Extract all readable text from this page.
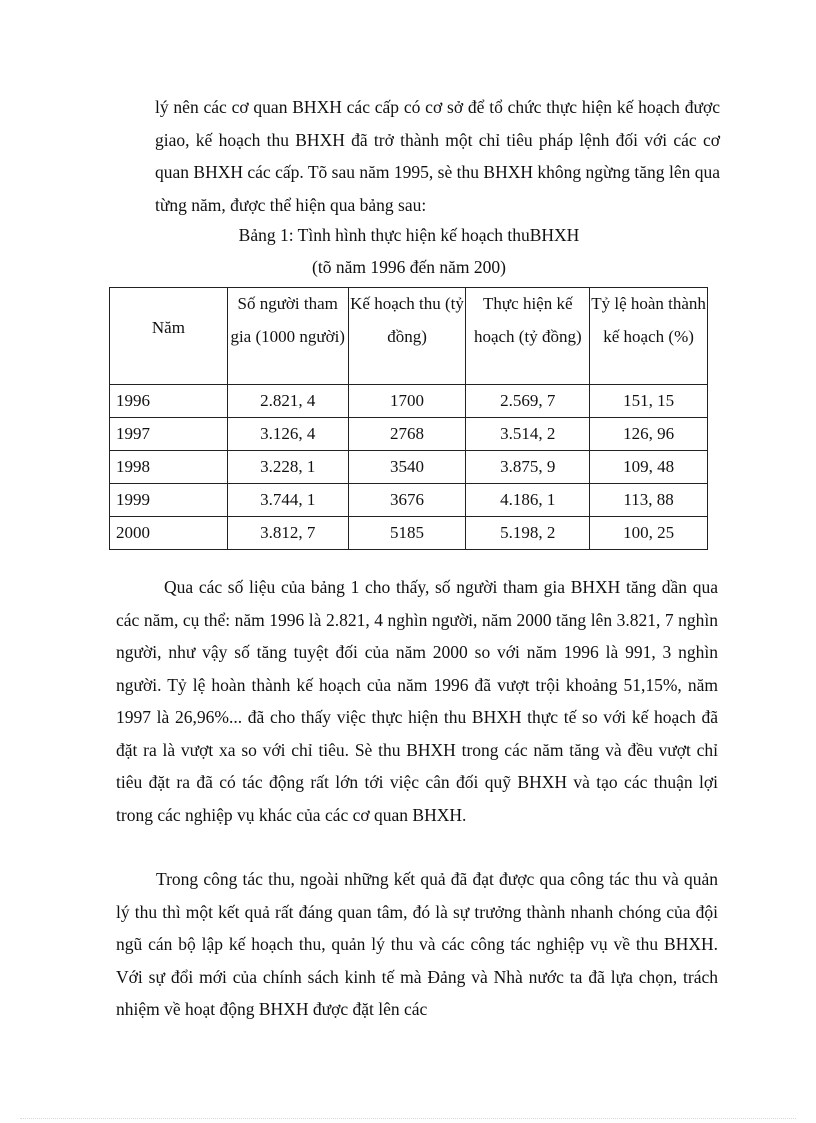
lý nên các cơ quan BHXH các cấp có cơ sở để tổ chức thực hiện kế hoạch được giao, kế hoạch thu BHXH đã trở thành một chỉ tiêu pháp lệnh đối với các cơ quan BHXH các cấp. Tõ sau năm 1995, sè thu BHXH không ngừng tăng lên qua từng năm, được thể hiện qua bảng sau:

Bảng 1: Tình hình thực hiện kế hoạch thuBHXH

(tõ năm 1996 đến năm 200)

Năm	Số người tham gia (1000 người)	Kế hoạch thu (tỷ đồng)	Thực hiện kế hoạch (tỷ đồng)	Tỷ lệ hoàn thành kế hoạch (%)
1996	2.821, 4	1700	2.569, 7	151, 15
1997	3.126, 4	2768	3.514, 2	126, 96
1998	3.228, 1	3540	3.875, 9	109, 48
1999	3.744, 1	3676	4.186, 1	113, 88
2000	3.812, 7	5185	5.198, 2	100, 25

Qua các số liệu của bảng 1 cho thấy, số người tham gia BHXH tăng dần qua các năm, cụ thể: năm 1996 là 2.821, 4 nghìn người, năm 2000 tăng lên 3.821, 7 nghìn người, như vậy số tăng tuyệt đối của năm 2000 so với năm 1996 là 991, 3 nghìn người. Tỷ lệ hoàn thành kế hoạch của năm 1996 đã vượt trội khoảng 51,15%, năm 1997 là 26,96%... đã cho thấy việc thực hiện thu BHXH thực tế so với kế hoạch đã đặt ra là vượt xa so với chỉ tiêu. Sè thu BHXH trong các năm tăng và đều vượt chỉ tiêu đặt ra đã có tác động rất lớn tới việc cân đối quỹ BHXH và tạo các thuận lợi trong các nghiệp vụ khác của các cơ quan BHXH.

Trong công tác thu, ngoài những kết quả đã đạt được qua công tác thu và quản lý thu thì một kết quả rất đáng quan tâm, đó là sự trưởng thành nhanh chóng của đội ngũ cán bộ lập kế hoạch thu, quản lý thu và các công tác nghiệp vụ về thu BHXH. Với sự đổi mới của chính sách kinh tế mà Đảng và Nhà nước ta đã lựa chọn, trách nhiệm về hoạt động BHXH được đặt lên các
